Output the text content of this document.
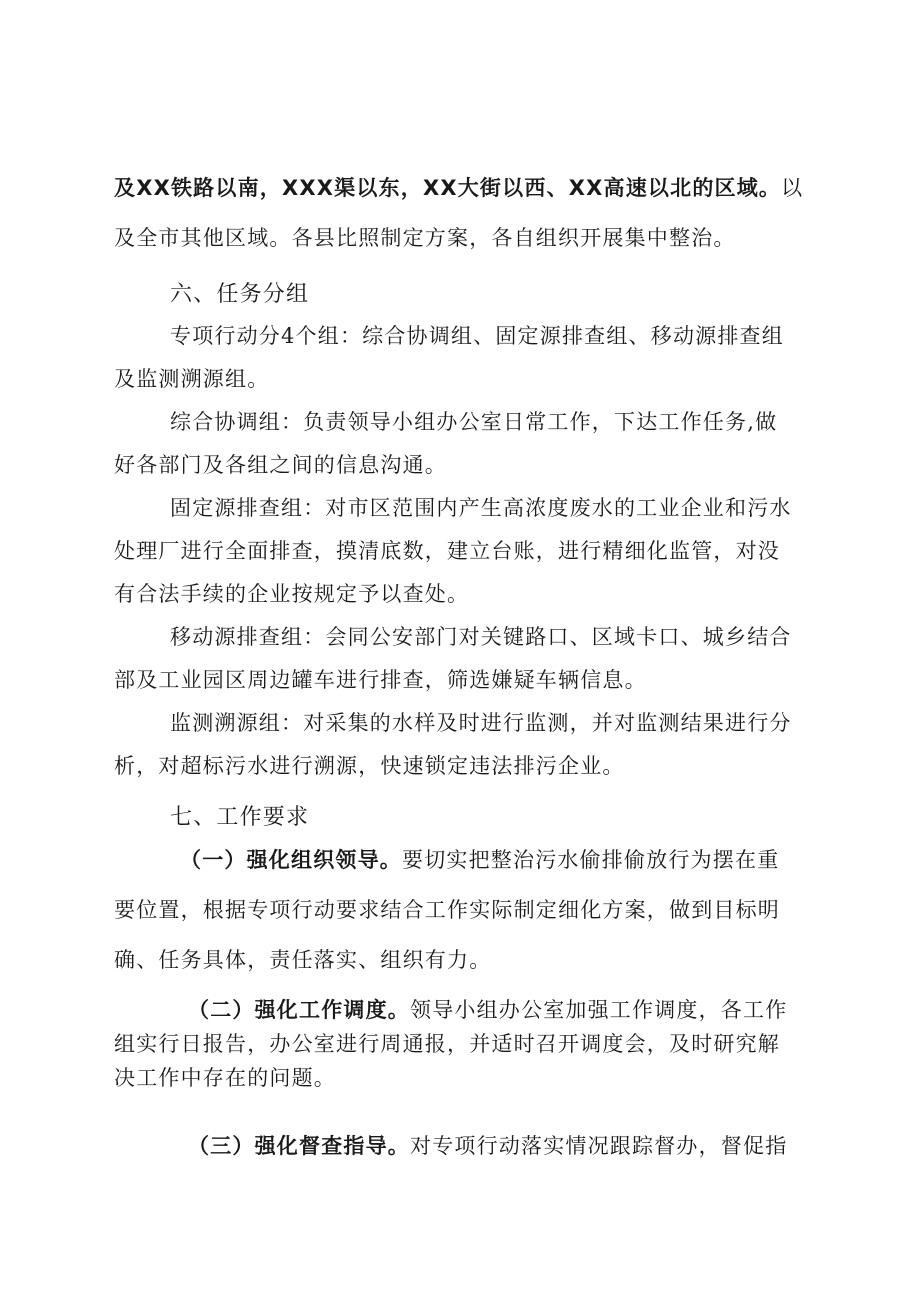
及XX铁路以南，XXX渠以东，XX大街以西、XX高速以北的区域。以
及全市其他区域。各县比照制定方案，各自组织开展集中整治。
六、任务分组
专项行动分4个组：综合协调组、固定源排查组、移动源排查组
及监测溯源组。
综合协调组：负责领导小组办公室日常工作，下达工作任务,做
好各部门及各组之间的信息沟通。
固定源排查组：对市区范围内产生高浓度废水的工业企业和污水
处理厂进行全面排查，摸清底数，建立台账，进行精细化监管，对没
有合法手续的企业按规定予以查处。
移动源排查组：会同公安部门对关键路口、区域卡口、城乡结合
部及工业园区周边罐车进行排查，筛选嫌疑车辆信息。
监测溯源组：对采集的水样及时进行监测，并对监测结果进行分
析，对超标污水进行溯源，快速锁定违法排污企业。
七、工作要求
（一）强化组织领导。要切实把整治污水偷排偷放行为摆在重
要位置，根据专项行动要求结合工作实际制定细化方案，做到目标明
确、任务具体，责任落实、组织有力。
（二）强化工作调度。领导小组办公室加强工作调度，各工作
组实行日报告，办公室进行周通报，并适时召开调度会，及时研究解
决工作中存在的问题。
（三）强化督查指导。对专项行动落实情况跟踪督办，督促指
